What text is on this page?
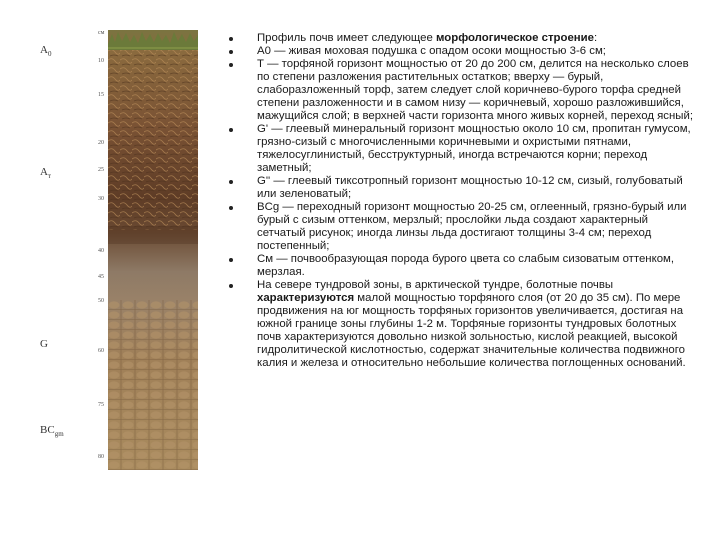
$A_0$
$A_т$
G
$BC_{gm}$
см
10
15
20
25
30
40
45
50
60
75
80
Профиль почв имеет следующее морфологическое строение:
А0 — живая моховая подушка с опадом осоки мощностью 3-6 см;
Т — торфяной горизонт мощностью от 20 до 200 см, делится на несколько слоев по степени разложения растительных остатков; вверху — бурый, слаборазложенный торф, затем следует слой коричнево-бурого торфа средней степени разложенности и в самом низу — коричневый, хорошо разложившийся, мажущийся слой; в верхней части горизонта много живых корней, переход ясный;
G' — глеевый минеральный горизонт мощностью около 10 см, пропитан гумусом, грязно-сизый с многочисленными коричневыми и охристыми пятнами, тяжелосуглинистый, бесструктурный, иногда встречаются корни; переход заметный;
G'' — глеевый тиксотропный горизонт мощностью 10-12 см, сизый, голубоватый или зеленоватый;
BCg — переходный горизонт мощностью 20-25 см, оглеенный, грязно-бурый или бурый с сизым оттенком, мерзлый; прослойки льда создают характерный сетчатый рисунок; иногда линзы льда достигают толщины 3-4 см; переход постепенный;
Cм — почвообразующая порода бурого цвета со слабым сизоватым оттенком, мерзлая.
На севере тундровой зоны, в арктической тундре, болотные почвы характеризуются малой мощностью торфяного слоя (от 20 до 35 см). По мере продвижения на юг мощность торфяных горизонтов увеличивается, достигая на южной границе зоны глубины 1-2 м. Торфяные горизонты тундровых болотных почв характеризуются довольно низкой зольностью, кислой реакцией, высокой гидролитической кислотностью, содержат значительные количества подвижного калия и железа и относительно небольшие количества поглощенных оснований.
